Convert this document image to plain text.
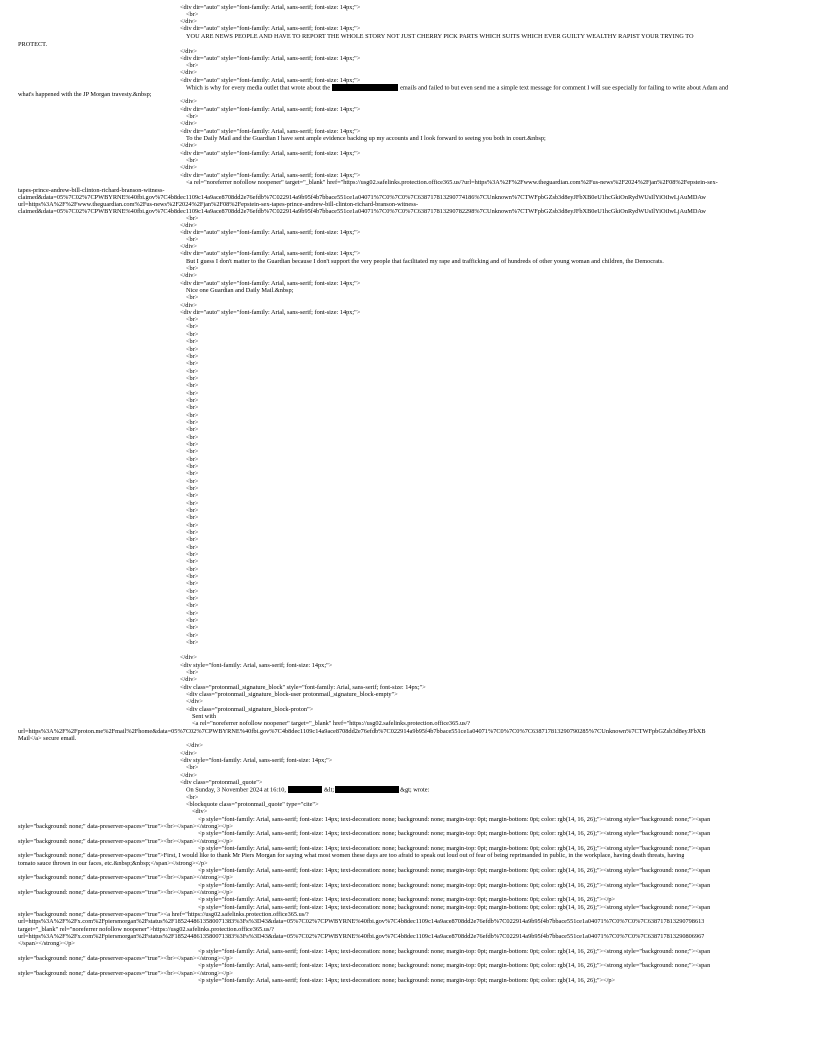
<div dir="auto" style="font-family: Arial, sans-serif; font-size: 14px;">
<br>
</div>
<div dir="auto" style="font-family: Arial, sans-serif; font-size: 14px;">
YOU ARE NEWS PEOPLE AND HAVE TO REPORT THE WHOLE STORY NOT JUST CHERRY PICK PARTS WHICH SUITS WHICH EVER GUILTY WEALTHY RAPIST YOUR TRYING TO
PROTECT.
</div>
<div dir="auto" style="font-family: Arial, sans-serif; font-size: 14px;">
<br>
</div>
<div dir="auto" style="font-family: Arial, sans-serif; font-size: 14px;">
Which is why for every media outlet that wrote about the	emails and failed to but even send me a simple text message for comment I will sue especially for failing to write about Adam and
what's happened with the JP Morgan travesty.&nbsp;
</div>
<div dir="auto" style="font-family: Arial, sans-serif; font-size: 14px;">
<br>
</div>
<div dir="auto" style="font-family: Arial, sans-serif; font-size: 14px;">
To the Daily Mail and the Guardian I have sent ample evidence backing up my accounts and I look forward to seeing you both in court.&nbsp;
</div>
<div dir="auto" style="font-family: Arial, sans-serif; font-size: 14px;">
<br>
</div>
<div dir="auto" style="font-family: Arial, sans-serif; font-size: 14px;">
<a rel="noreferrer nofollow noopener" target="_blank" href="https://usg02.safelinks.protection.office365.us/?url=https%3A%2F%2Fwww.theguardian.com%2Fus-news%2F2024%2Fjan%2F08%2Fepstein-sex-
tapes-prince-andrew-bill-clinton-richard-branson-witness-
claimed&data=05%7C02%7CPWBYRNE%40fbi.gov%7C4b8dec1109c14a9ace8708dd2e76efdb%7C022914a9b95f4b7bbace551ce1a04071%7C0%7C0%7C638717813290774186%7CUnknown%7CTWFpbGZsb3d8eyJFbXB0eU1hcGkiOnRydWUsIlYiOiIwLjAuMDAw
url=https%3A%2F%2Fwww.theguardian.com%2Fus-news%2F2024%2Fjan%2F08%2Fepstein-sex-tapes-prince-andrew-bill-clinton-richard-branson-witness-
claimed&data=05%7C02%7CPWBYRNE%40fbi.gov%7C4b8dec1109c14a9ace8708dd2e76efdb%7C022914a9b95f4b7bbace551ce1a04071%7C0%7C0%7C638717813290782298%7CUnknown%7CTWFpbGZsb3d8eyJFbXB0eU1hcGkiOnRydWUsIlYiOiIwLjAuMDAw
<br>
</div>
<div dir="auto" style="font-family: Arial, sans-serif; font-size: 14px;">
<br>
</div>
<div dir="auto" style="font-family: Arial, sans-serif; font-size: 14px;">
But I guess I don't matter to the Guardian because I don't support the very people that facilitated my rape and trafficking and of hundreds of other young woman and children, the Democrats.
<br>
</div>
<div dir="auto" style="font-family: Arial, sans-serif; font-size: 14px;">
Nice one Guardian and Daily Mail.&nbsp;
<br>
</div>
<div dir="auto" style="font-family: Arial, sans-serif; font-size: 14px;">
<br>
<br>
<br>
<br>
<br>
<br>
<br>
<br>
<br>
<br>
<br>
<br>
<br>
<br>
<br>
<br>
<br>
<br>
<br>
<br>
<br>
<br>
<br>
<br>
<br>
<br>
<br>
<br>
<br>
<br>
<br>
<br>
<br>
<br>
<br>
<br>
<br>
<br>
<br>
<br>
<br>
<br>
<br>
<br>
<br>
</div>
<div style="font-family: Arial, sans-serif; font-size: 14px;">
<br>
</div>
<div class="protonmail_signature_block" style="font-family: Arial, sans-serif; font-size: 14px;">
<div class="protonmail_signature_block-user protonmail_signature_block-empty">
</div>
<div class="protonmail_signature_block-proton">
Sent with
<a rel="noreferrer nofollow noopener" target="_blank" href="https://usg02.safelinks.protection.office365.us/?
url=https%3A%2F%2Fproton.me%2Fmail%2Fhome&data=05%7C02%7CPWBYRNE%40fbi.gov%7C4b8dec1109c14a9ace8708dd2e76efdb%7C022914a9b95f4b7bbace551ce1a04071%7C0%7C0%7C638717813290790285%7CUnknown%7CTWFpbGZsb3d8eyJFbXB
Mail</a> secure email.
</div>
</div>
<div style="font-family: Arial, sans-serif; font-size: 14px;">
<br>
</div>
<div class="protonmail_quote">
On Sunday, 3 November 2024 at 16:10,	&lt;	&gt; wrote:
<br>
<blockquote class="protonmail_quote" type="cite">
<div>
<p style="font-family: Arial, sans-serif; font-size: 14px; text-decoration: none; background: none; margin-top: 0pt; margin-bottom: 0pt; color: rgb(14, 16, 26);"><strong style="background: none;"><span
style="background: none;" data-preserver-spaces="true"><br></span></strong></p>
<p style="font-family: Arial, sans-serif; font-size: 14px; text-decoration: none; background: none; margin-top: 0pt; margin-bottom: 0pt; color: rgb(14, 16, 26);"><strong style="background: none;"><span
style="background: none;" data-preserver-spaces="true"><br></span></strong></p>
<p style="font-family: Arial, sans-serif; font-size: 14px; text-decoration: none; background: none; margin-top: 0pt; margin-bottom: 0pt; color: rgb(14, 16, 26);"><strong style="background: none;"><span
style="background: none;" data-preserver-spaces="true">First, I would like to thank Mr Piers Morgan for saying what most women these days are too afraid to speak out loud out of fear of being reprimanded in public, in the workplace, having death threats, having
tomato sauce thrown in our faces, etc.&nbsp;&nbsp;</span></strong></p>
<p style="font-family: Arial, sans-serif; font-size: 14px; text-decoration: none; background: none; margin-top: 0pt; margin-bottom: 0pt; color: rgb(14, 16, 26);"><strong style="background: none;"><span
style="background: none;" data-preserver-spaces="true"><br></span></strong></p>
<p style="font-family: Arial, sans-serif; font-size: 14px; text-decoration: none; background: none; margin-top: 0pt; margin-bottom: 0pt; color: rgb(14, 16, 26);"><strong style="background: none;"><span
style="background: none;" data-preserver-spaces="true"><br></span></strong></p>
<p style="font-family: Arial, sans-serif; font-size: 14px; text-decoration: none; background: none; margin-top: 0pt; margin-bottom: 0pt; color: rgb(14, 16, 26);"></p>
<p style="font-family: Arial, sans-serif; font-size: 14px; text-decoration: none; background: none; margin-top: 0pt; margin-bottom: 0pt; color: rgb(14, 16, 26);"><strong style="background: none;"><span
style="background: none;" data-preserver-spaces="true"><a href="https://usg02.safelinks.protection.office365.us/?
url=https%3A%2F%2Fx.com%2Fpiersmorgan%2Fstatus%2F1852448613580071383%3Fs%3D43&data=05%7C02%7CPWBYRNE%40fbi.gov%7C4b8dec1109c14a9ace8708dd2e76efdb%7C022914a9b95f4b7bbace551ce1a04071%7C0%7C0%7C638717813290798613
target="_blank" rel="noreferrer nofollow noopener">https://usg02.safelinks.protection.office365.us/?
url=https%3A%2F%2Fx.com%2Fpiersmorgan%2Fstatus%2F1852448613580071383%3Fs%3D43&data=05%7C02%7CPWBYRNE%40fbi.gov%7C4b8dec1109c14a9ace8708dd2e76efdb%7C022914a9b95f4b7bbace551ce1a04071%7C0%7C0%7C638717813290806967
</span></strong></p>
<p style="font-family: Arial, sans-serif; font-size: 14px; text-decoration: none; background: none; margin-top: 0pt; margin-bottom: 0pt; color: rgb(14, 16, 26);"><strong style="background: none;"><span
style="background: none;" data-preserver-spaces="true"><br></span></strong></p>
<p style="font-family: Arial, sans-serif; font-size: 14px; text-decoration: none; background: none; margin-top: 0pt; margin-bottom: 0pt; color: rgb(14, 16, 26);"><strong style="background: none;"><span
style="background: none;" data-preserver-spaces="true"><br></span></strong></p>
<p style="font-family: Arial, sans-serif; font-size: 14px; text-decoration: none; background: none; margin-top: 0pt; margin-bottom: 0pt; color: rgb(14, 16, 26);"></p>
